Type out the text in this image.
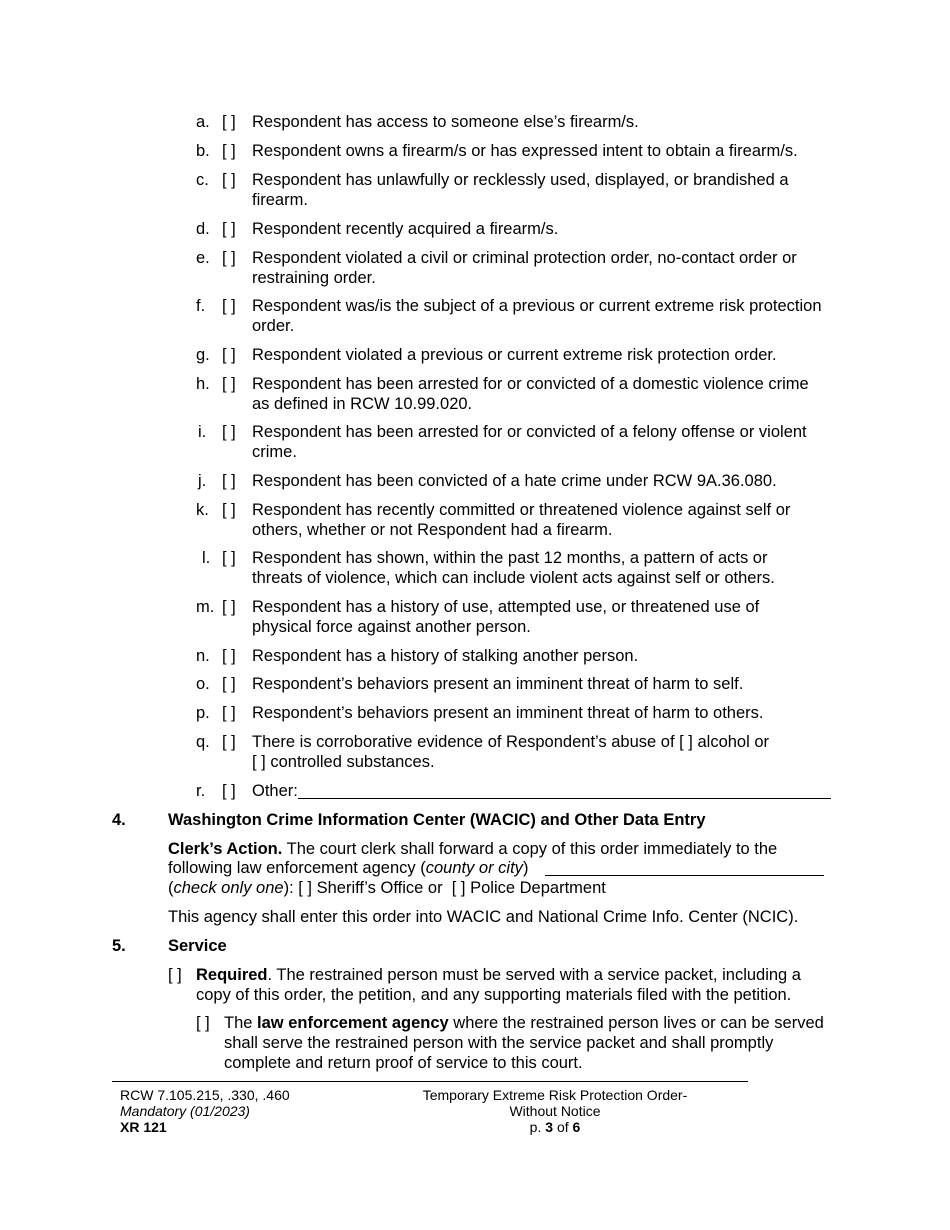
a. [ ] Respondent has access to someone else’s firearm/s.
b. [ ] Respondent owns a firearm/s or has expressed intent to obtain a firearm/s.
c. [ ] Respondent has unlawfully or recklessly used, displayed, or brandished a firearm.
d. [ ] Respondent recently acquired a firearm/s.
e. [ ] Respondent violated a civil or criminal protection order, no-contact order or restraining order.
f. [ ] Respondent was/is the subject of a previous or current extreme risk protection order.
g. [ ] Respondent violated a previous or current extreme risk protection order.
h. [ ] Respondent has been arrested for or convicted of a domestic violence crime as defined in RCW 10.99.020.
i. [ ] Respondent has been arrested for or convicted of a felony offense or violent crime.
j. [ ] Respondent has been convicted of a hate crime under RCW 9A.36.080.
k. [ ] Respondent has recently committed or threatened violence against self or others, whether or not Respondent had a firearm.
l. [ ] Respondent has shown, within the past 12 months, a pattern of acts or threats of violence, which can include violent acts against self or others.
m. [ ] Respondent has a history of use, attempted use, or threatened use of physical force against another person.
n. [ ] Respondent has a history of stalking another person.
o. [ ] Respondent’s behaviors present an imminent threat of harm to self.
p. [ ] Respondent’s behaviors present an imminent threat of harm to others.
q. [ ] There is corroborative evidence of Respondent’s abuse of [ ] alcohol or
[ ] controlled substances.
r. [ ] Other:
4.	Washington Crime Information Center (WACIC) and Other Data Entry
Clerk’s Action. The court clerk shall forward a copy of this order immediately to the
following law enforcement agency (county or city)
(check only one): [ ] Sheriff’s Office or [ ] Police Department
This agency shall enter this order into WACIC and National Crime Info. Center (NCIC).
5.	Service
[ ] Required. The restrained person must be served with a service packet, including a copy of this order, the petition, and any supporting materials filed with the petition.
[ ] The law enforcement agency where the restrained person lives or can be served shall serve the restrained person with the service packet and shall promptly complete and return proof of service to this court.
RCW 7.105.215, .330, .460
Mandatory (01/2023)
XR 121
Temporary Extreme Risk Protection Order-
Without Notice
p. 3 of 6
